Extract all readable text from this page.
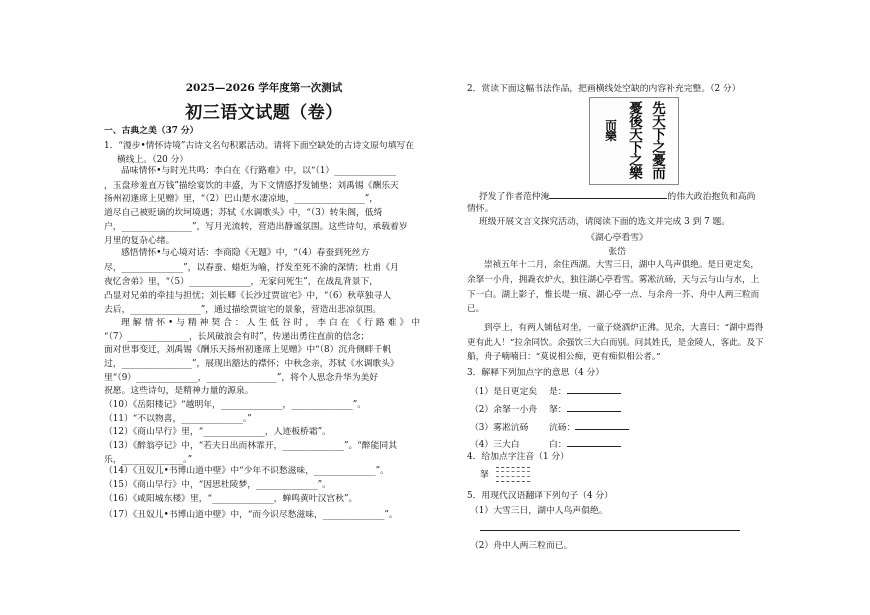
2025—2026 学年度第一次测试
初三语文试题（卷）
一、古典之美（37 分）
1．“漫步•情怀诗境”古诗文名句积累活动。请将下面空缺处的古诗文原句填写在
横线上。（20 分）
品味情怀•与时光共鸣：李白在《行路难》中，以“（1）______________
，玉盘珍羞直万钱”描绘宴饮的丰盛，为下文情感抒发铺垫；刘禹锡《酬乐天
扬州初逢席上见赠》里，“（2）巴山楚水凄凉地，________________”，
道尽自己被贬谪的坎坷境遇；苏轼《水调歌头》中，“（3）转朱阁，低绮
户，________________”，写月光流转，营造出静谧氛围。这些诗句，承载着岁
月里的复杂心绪。
感悟情怀•与心境对话：李商隐《无题》中，“（4）春蚕到死丝方
尽，______________”，以春蚕、蜡炬为喻，抒发至死不渝的深情；杜甫《月
夜忆舍弟》里，“（5）______________，无家问死生”，在战乱背景下，
凸显对兄弟的牵挂与担忧；刘长卿《长沙过贾谊宅》中，“（6）秋草独寻人
去后，________________”，通过描绘贾谊宅的景象，营造出悲凉氛围。
理解情怀•与精神契合：人生低谷时，李白在《行路难》中
“（7）______________，长风破浪会有时”，传递出勇往直前的信念；
面对世事变迁，刘禹锡《酬乐天扬州初逢席上见赠》中“（8）沉舟侧畔千帆
过，________________”，展现出豁达的襟怀；中秋念亲，苏轼《水调歌头》
里“（9）______________，________________”，将个人思念升华为美好
祝愿。这些诗句，是精神力量的源泉。
（10）《岳阳楼记》“越明年，______________，______________”。
（11）“不以物喜，______________。”
（12）《商山早行》里，“______________，人迹板桥霜”。
（13）《醉翁亭记》中，“若夫日出而林霏开，______________”。“醉能同其
乐，______________。”
（14）《丑奴儿•书博山道中壁》中“少年不识愁滋味，______________”。
（15）《商山早行》中，“因思杜陵梦，______________”。
（16）《咸阳城东楼》里，“______________，蝉鸣黄叶汉宫秋”。
（17）《丑奴儿•书博山道中壁》中，“而今识尽愁滋味，______________”。
2．赏读下面这幅书法作品，把画横线处空缺的内容补充完整。（2 分）
先天下之憂而
憂後天下之樂
而樂
抒发了作者范仲淹	的伟大政治抱负和高尚
情怀。
班级开展文言文探究活动，请阅读下面的选文并完成 3 到 7 题。
《湖心亭看雪》
张岱
崇祯五年十二月，余住西湖。大雪三日，湖中人鸟声俱绝。是日更定矣，
余拏一小舟，拥毳衣炉火，独往湖心亭看雪。雾凇沆砀，天与云与山与水，上
下一白。湖上影子，惟长堤一痕、湖心亭一点、与余舟一芥、舟中人两三粒而
已。
到亭上，有两人铺毡对坐，一童子烧酒炉正沸。见余，大喜曰：“湖中焉得
更有此人！”拉余同饮。余强饮三大白而别。问其姓氏，是金陵人，客此。及下
船，舟子喃喃曰：“莫说相公痴，更有痴似相公者。”
3．解释下列加点字的意思（4 分）
（1）是日更定矣 是：
（2）余拏一小舟 拏：
（3）雾凇沆砀 沆砀：
（4）三大白	白：
4．给加点字注音（1 分）
拏
5．用现代汉语翻译下列句子（4 分）
（1）大雪三日，湖中人鸟声俱绝。
（2）舟中人两三粒而已。
